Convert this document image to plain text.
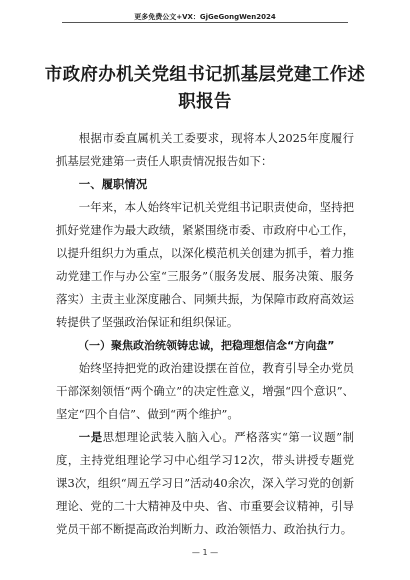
更多免费公文+VX：GjGeGongWen2024
市政府办机关党组书记抓基层党建工作述职报告

根据市委直属机关工委要求，现将本人2025年度履行抓基层党建第一责任人职责情况报告如下：

一、履职情况

一年来，本人始终牢记机关党组书记职责使命，坚持把抓好党建作为最大政绩，紧紧围绕市委、市政府中心工作，以提升组织力为重点，以深化模范机关创建为抓手，着力推动党建工作与办公室“三服务”（服务发展、服务决策、服务落实）主责主业深度融合、同频共振，为保障市政府高效运转提供了坚强政治保证和组织保证。

（一）聚焦政治统领铸忠诚，把稳理想信念“方向盘”

始终坚持把党的政治建设摆在首位，教育引导全办党员干部深刻领悟“两个确立”的决定性意义，增强“四个意识”、坚定“四个自信”、做到“两个维护”。

一是思想理论武装入脑入心。严格落实“第一议题”制度，主持党组理论学习中心组学习12次，带头讲授专题党课3次，组织“周五学习日”活动40余次，深入学习党的创新理论、党的二十大精神及中央、省、市重要会议精神，引导党员干部不断提高政治判断力、政治领悟力、政治执行力。

— 1 —
